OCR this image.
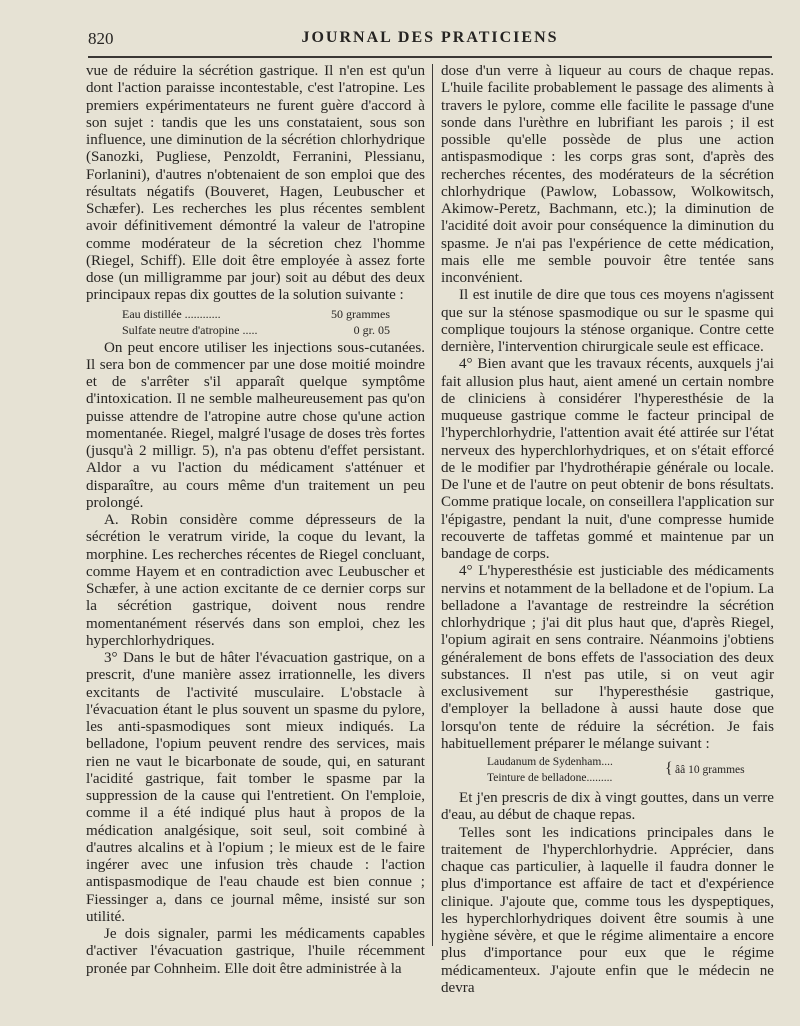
820	JOURNAL DES PRATICIENS

vue de réduire la sécrétion gastrique. Il n'en est qu'un dont l'action paraisse incontestable, c'est l'atropine. Les premiers expérimentateurs ne furent guère d'accord à son sujet : tandis que les uns constataient, sous son influence, une diminution de la sécrétion chlorhydrique (Sanozki, Pugliese, Penzoldt, Ferranini, Plessianu, Forlanini), d'autres n'obtenaient de son emploi que des résultats négatifs (Bouveret, Hagen, Leubuscher et Schæfer). Les recherches les plus récentes semblent avoir définitivement démontré la valeur de l'atropine comme modérateur de la sécretion chez l'homme (Riegel, Schiff). Elle doit être employée à assez forte dose (un milligramme par jour) soit au début des deux principaux repas dix gouttes de la solution suivante :

Eau distillée ............	50 grammes
Sulfate neutre d'atropine .....	0 gr. 05

On peut encore utiliser les injections sous-cutanées. Il sera bon de commencer par une dose moitié moindre et de s'arrêter s'il apparaît quelque symptôme d'intoxication. Il ne semble malheureusement pas qu'on puisse attendre de l'atropine autre chose qu'une action momentanée. Riegel, malgré l'usage de doses très fortes (jusqu'à 2 milligr. 5), n'a pas obtenu d'effet persistant. Aldor a vu l'action du médicament s'atténuer et disparaître, au cours même d'un traitement un peu prolongé.

A. Robin considère comme dépresseurs de la sécrétion le veratrum viride, la coque du levant, la morphine. Les recherches récentes de Riegel concluant, comme Hayem et en contradiction avec Leubuscher et Schæfer, à une action excitante de ce dernier corps sur la sécrétion gastrique, doivent nous rendre momentanément réservés dans son emploi, chez les hyperchlorhydriques.

3° Dans le but de hâter l'évacuation gastrique, on a prescrit, d'une manière assez irrationnelle, les divers excitants de l'activité musculaire. L'obstacle à l'évacuation étant le plus souvent un spasme du pylore, les anti-spasmodiques sont mieux indiqués. La belladone, l'opium peuvent rendre des services, mais rien ne vaut le bicarbonate de soude, qui, en saturant l'acidité gastrique, fait tomber le spasme par la suppression de la cause qui l'entretient. On l'emploie, comme il a été indiqué plus haut à propos de la médication analgésique, soit seul, soit combiné à d'autres alcalins et à l'opium ; le mieux est de le faire ingérer avec une infusion très chaude : l'action antispasmodique de l'eau chaude est bien connue ; Fiessinger a, dans ce journal même, insisté sur son utilité.

Je dois signaler, parmi les médicaments capables d'activer l'évacuation gastrique, l'huile récemment pronée par Cohnheim. Elle doit être administrée à la

dose d'un verre à liqueur au cours de chaque repas. L'huile facilite probablement le passage des aliments à travers le pylore, comme elle facilite le passage d'une sonde dans l'urèthre en lubrifiant les parois ; il est possible qu'elle possède de plus une action antispasmodique : les corps gras sont, d'après des recherches récentes, des modérateurs de la sécrétion chlorhydrique (Pawlow, Lobassow, Wolkowitsch, Akimow-Peretz, Bachmann, etc.); la diminution de l'acidité doit avoir pour conséquence la diminution du spasme. Je n'ai pas l'expérience de cette médication, mais elle me semble pouvoir être tentée sans inconvénient.

Il est inutile de dire que tous ces moyens n'agissent que sur la sténose spasmodique ou sur le spasme qui complique toujours la sténose organique. Contre cette dernière, l'intervention chirurgicale seule est efficace.

4° Bien avant que les travaux récents, auxquels j'ai fait allusion plus haut, aient amené un certain nombre de cliniciens à considérer l'hyperesthésie de la muqueuse gastrique comme le facteur principal de l'hyperchlorhydrie, l'attention avait été attirée sur l'état nerveux des hyperchlorhydriques, et on s'était efforcé de le modifier par l'hydrothérapie générale ou locale. De l'une et de l'autre on peut obtenir de bons résultats. Comme pratique locale, on conseillera l'application sur l'épigastre, pendant la nuit, d'une compresse humide recouverte de taffetas gommé et maintenue par un bandage de corps.

4° L'hyperesthésie est justiciable des médicaments nervins et notamment de la belladone et de l'opium. La belladone a l'avantage de restreindre la sécrétion chlorhydrique ; j'ai dit plus haut que, d'après Riegel, l'opium agirait en sens contraire. Néanmoins j'obtiens généralement de bons effets de l'association des deux substances. Il n'est pas utile, si on veut agir exclusivement sur l'hyperesthésie gastrique, d'employer la belladone à aussi haute dose que lorsqu'on tente de réduire la sécrétion. Je fais habituellement préparer le mélange suivant :

Laudanum de Sydenham....
Teinture de belladone.........
{ ââ 10 grammes

Et j'en prescris de dix à vingt gouttes, dans un verre d'eau, au début de chaque repas.

Telles sont les indications principales dans le traitement de l'hyperchlorhydrie. Apprécier, dans chaque cas particulier, à laquelle il faudra donner le plus d'importance est affaire de tact et d'expérience clinique. J'ajoute que, comme tous les dyspeptiques, les hyperchlorhydriques doivent être soumis à une hygiène sévère, et que le régime alimentaire a encore plus d'importance pour eux que le régime médicamenteux. J'ajoute enfin que le médecin ne devra
